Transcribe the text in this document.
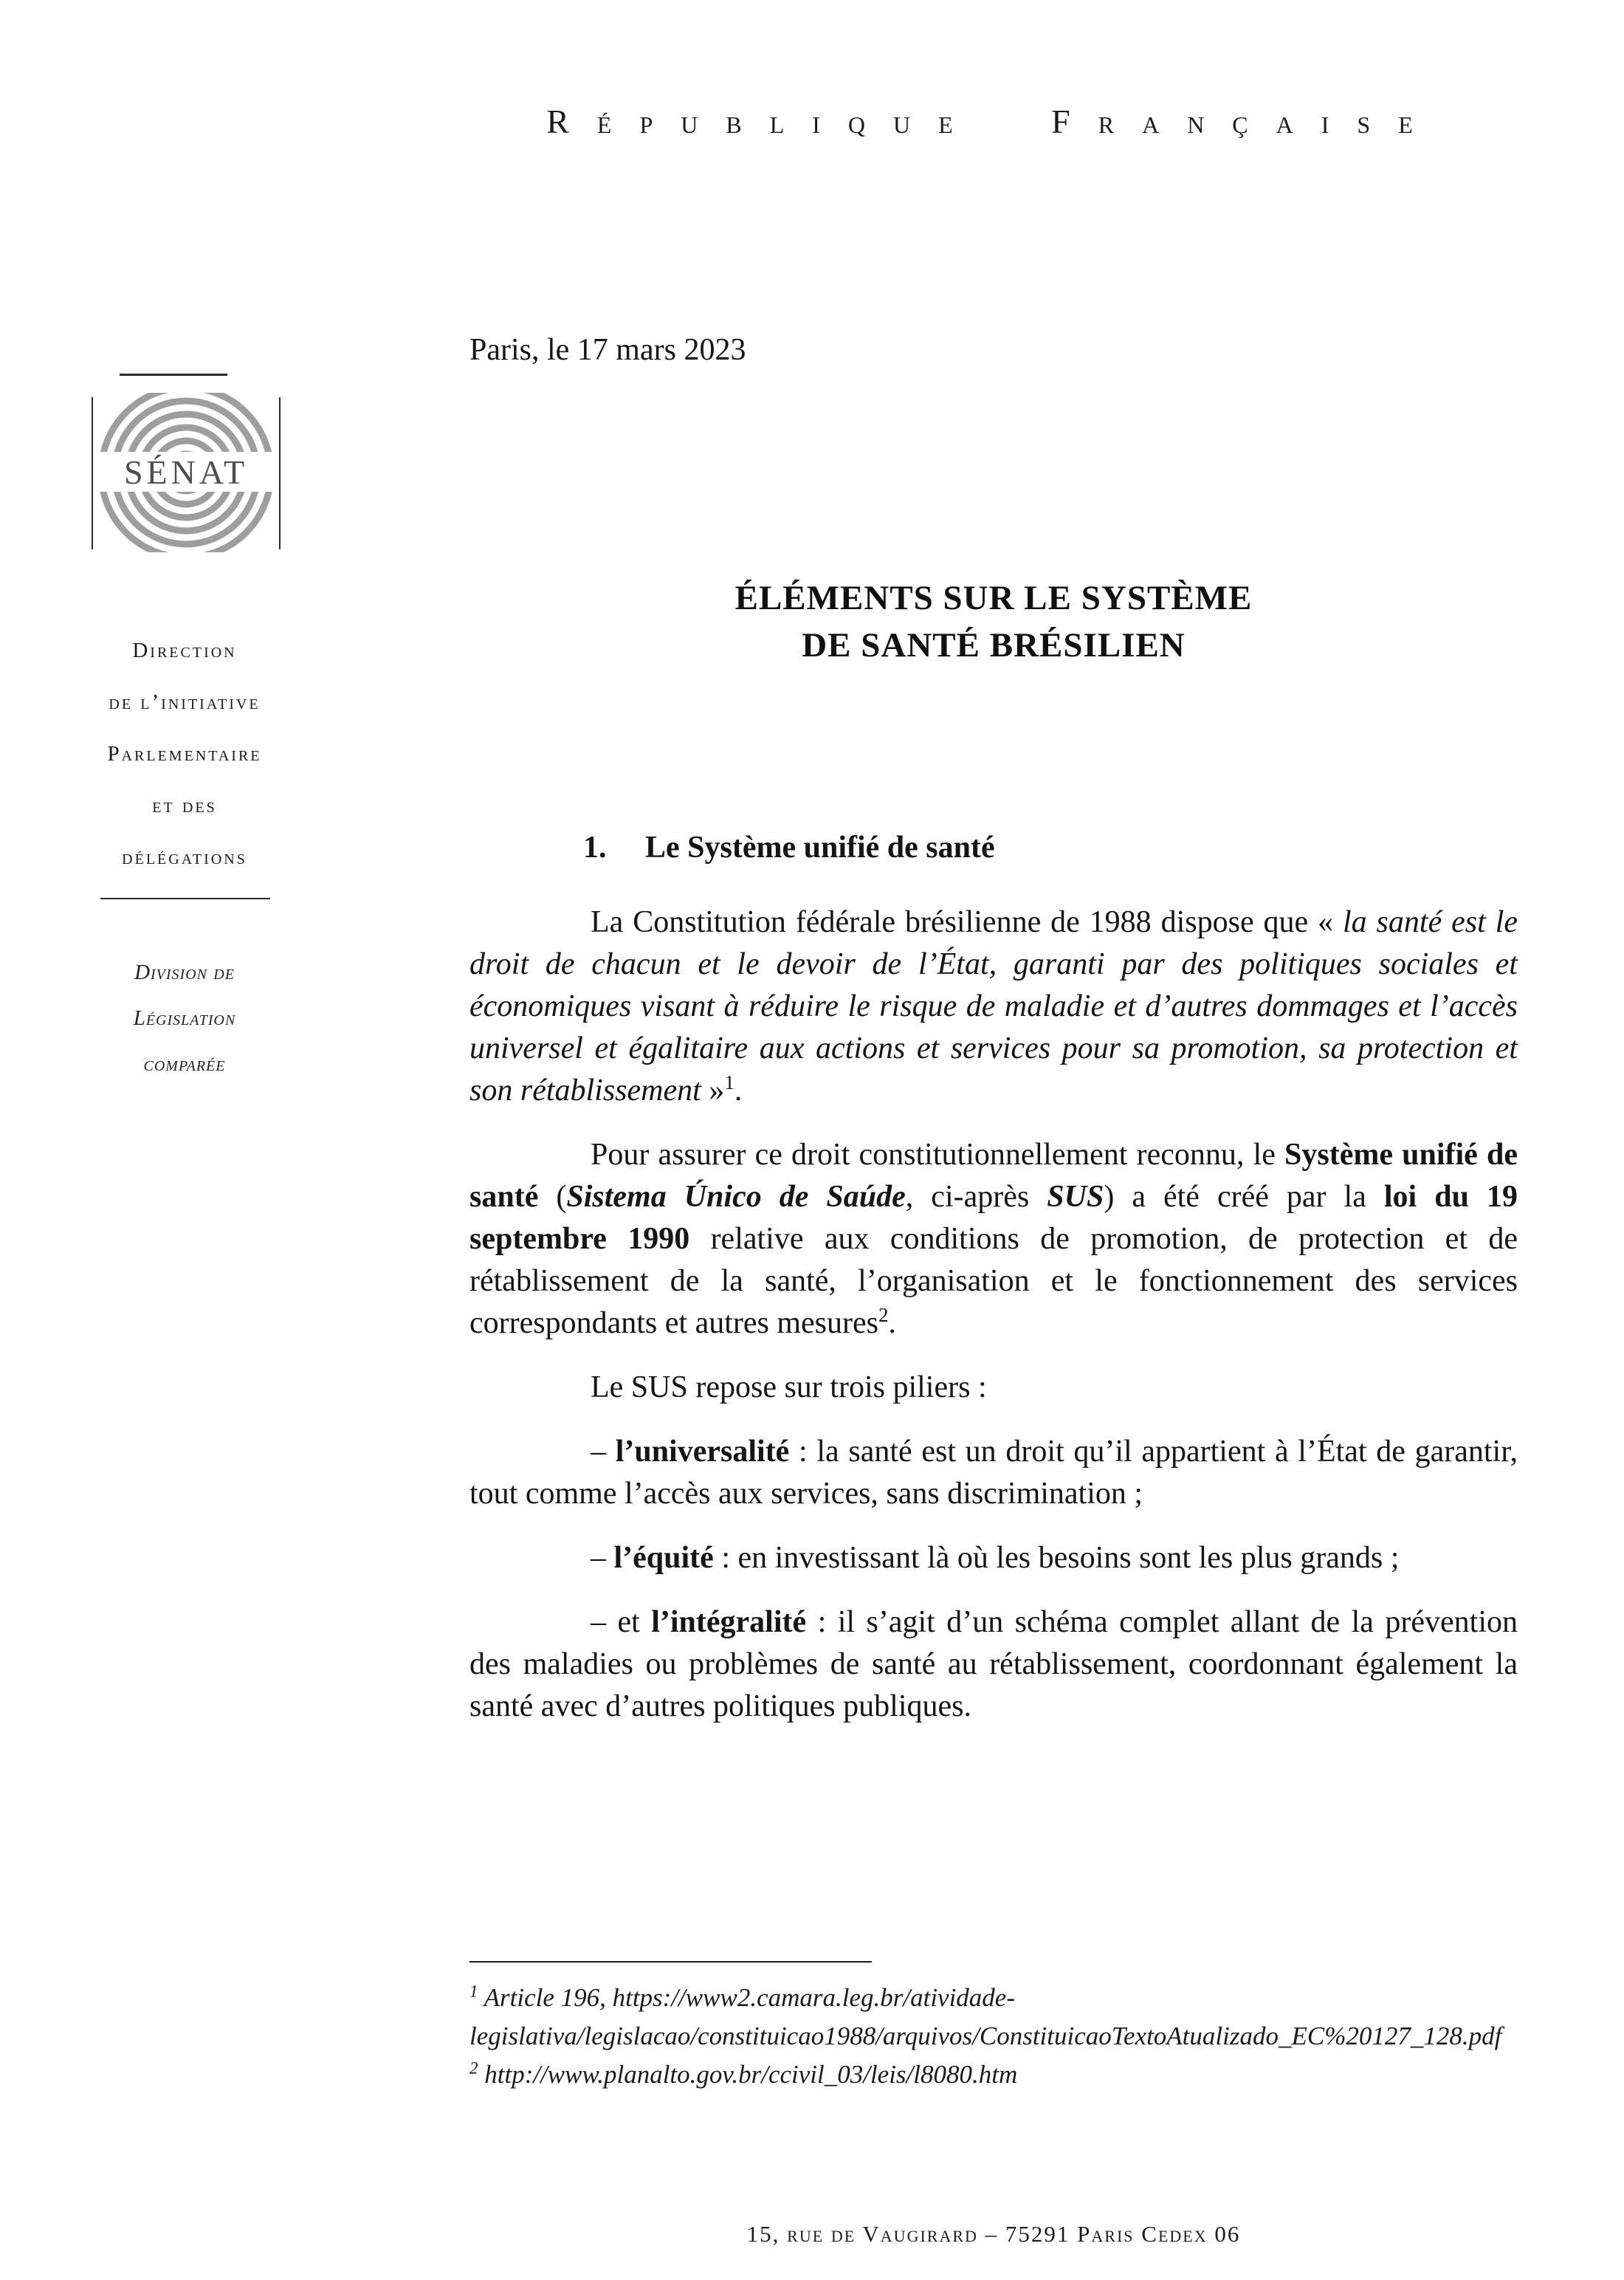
République Française
SÉNAT
Direction
de l’initiative
Parlementaire
et des
délégations
Division de
Législation
comparée
Paris, le 17 mars 2023
ÉLÉMENTS SUR LE SYSTÈME
DE SANTÉ BRÉSILIEN
1. Le Système unifié de santé

La Constitution fédérale brésilienne de 1988 dispose que « la santé est le droit de chacun et le devoir de l’État, garanti par des politiques sociales et économiques visant à réduire le risque de maladie et d’autres dommages et l’accès universel et égalitaire aux actions et services pour sa promotion, sa protection et son rétablissement »$^1$.

Pour assurer ce droit constitutionnellement reconnu, le Système unifié de santé (Sistema Único de Saúde, ci-après SUS) a été créé par la loi du 19 septembre 1990 relative aux conditions de promotion, de protection et de rétablissement de la santé, l’organisation et le fonctionnement des services correspondants et autres mesures$^2$.

Le SUS repose sur trois piliers :

– l’universalité : la santé est un droit qu’il appartient à l’État de garantir, tout comme l’accès aux services, sans discrimination ;

– l’équité : en investissant là où les besoins sont les plus grands ;

– et l’intégralité : il s’agit d’un schéma complet allant de la prévention des maladies ou problèmes de santé au rétablissement, coordonnant également la santé avec d’autres politiques publiques.

$^1$ Article 196, https://www2.camara.leg.br/atividade-legislativa/legislacao/constituicao1988/arquivos/ConstituicaoTextoAtualizado_EC%20127_128.pdf
$^2$ http://www.planalto.gov.br/ccivil_03/leis/l8080.htm
15, rue de Vaugirard – 75291 Paris Cedex 06
